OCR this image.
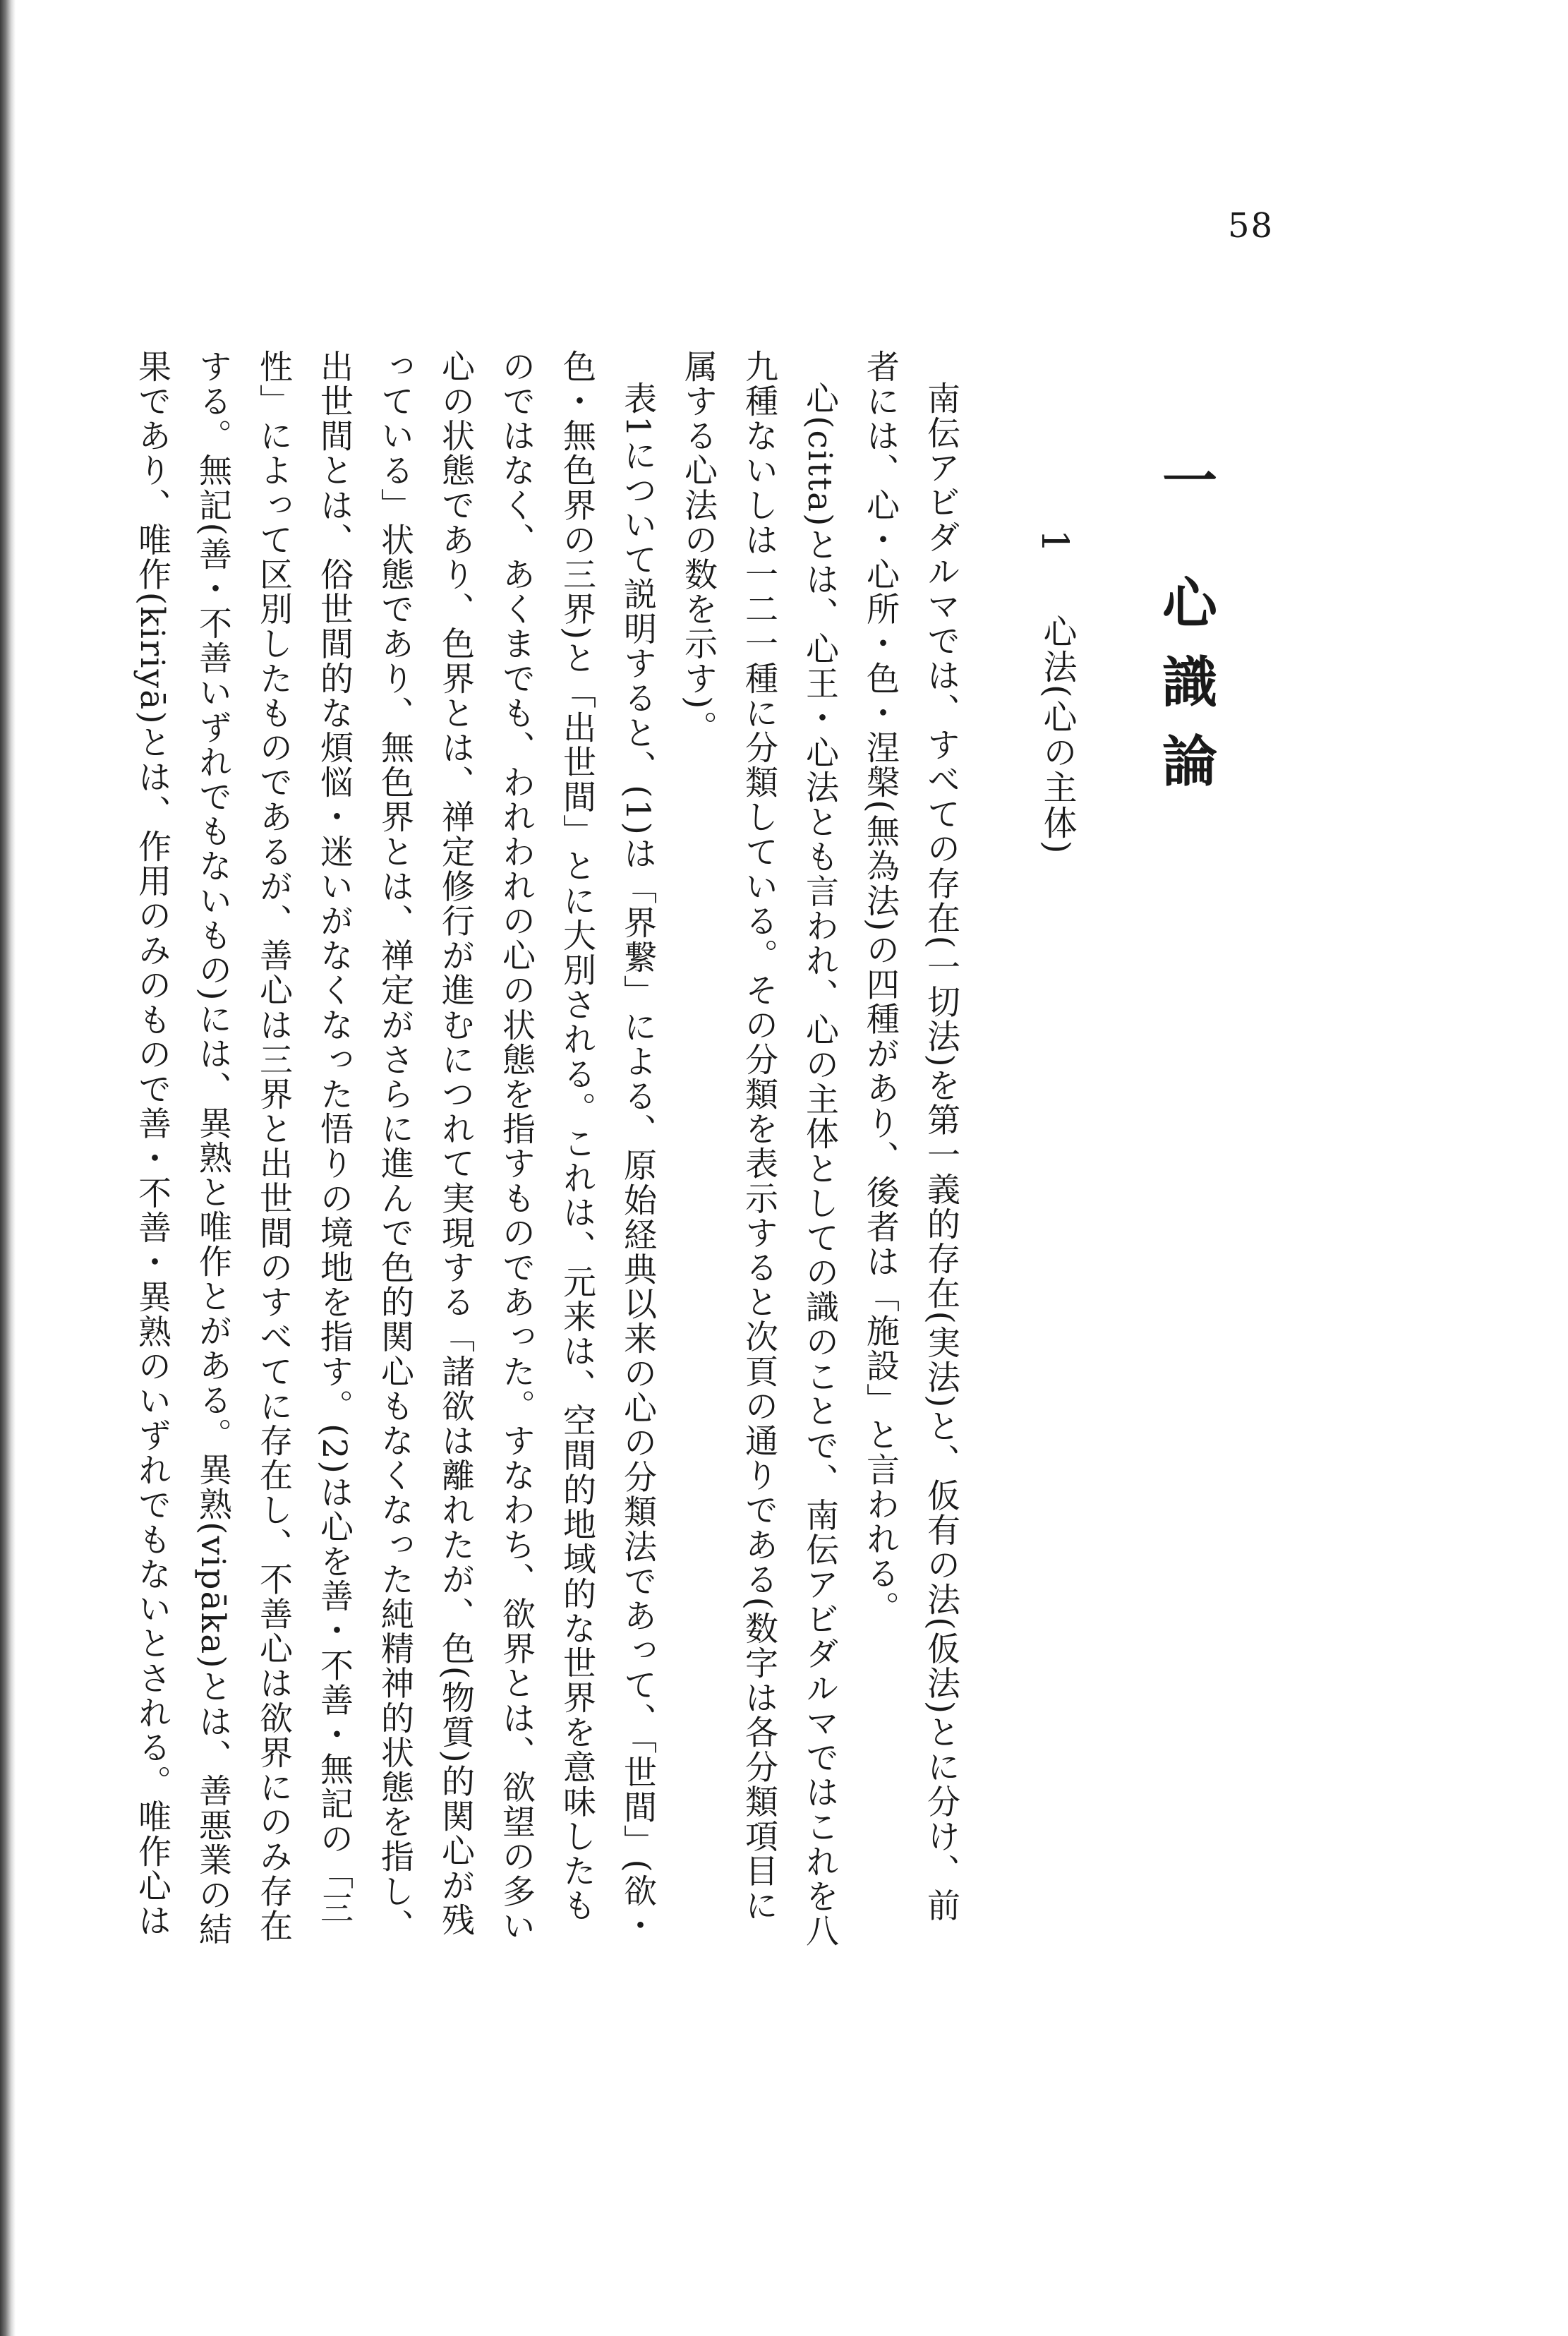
58
一 心識論
1
心法(心の主体)
南伝アビダルマでは、すべての存在(一切法)を第一義的存在(実法)と、仮有の法(仮法)とに分け、前
者には、心・心所・色・涅槃(無為法)の四種があり、後者は「施設」と言われる。
心(citta)とは、心王・心法とも言われ、心の主体としての識のことで、南伝アビダルマではこれを八
九種ないしは一二一種に分類している。その分類を表示すると次頁の通りである(数字は各分類項目に
属する心法の数を示す)。
表1について説明すると、(1)は「界繋」による、原始経典以来の心の分類法であって、「世間」(欲・
色・無色界の三界)と「出世間」とに大別される。これは、元来は、空間的地域的な世界を意味したも
のではなく、あくまでも、われわれの心の状態を指すものであった。すなわち、欲界とは、欲望の多い
心の状態であり、色界とは、禅定修行が進むにつれて実現する「諸欲は離れたが、色(物質)的関心が残
っている」状態であり、無色界とは、禅定がさらに進んで色的関心もなくなった純精神的状態を指し、
出世間とは、俗世間的な煩悩・迷いがなくなった悟りの境地を指す。(2)は心を善・不善・無記の「三
性」によって区別したものであるが、善心は三界と出世間のすべてに存在し、不善心は欲界にのみ存在
する。無記(善・不善いずれでもないもの)には、異熟と唯作とがある。異熟(vipāka)とは、善悪業の結
果であり、唯作(kiriyā)とは、作用のみのもので善・不善・異熟のいずれでもないとされる。唯作心は
